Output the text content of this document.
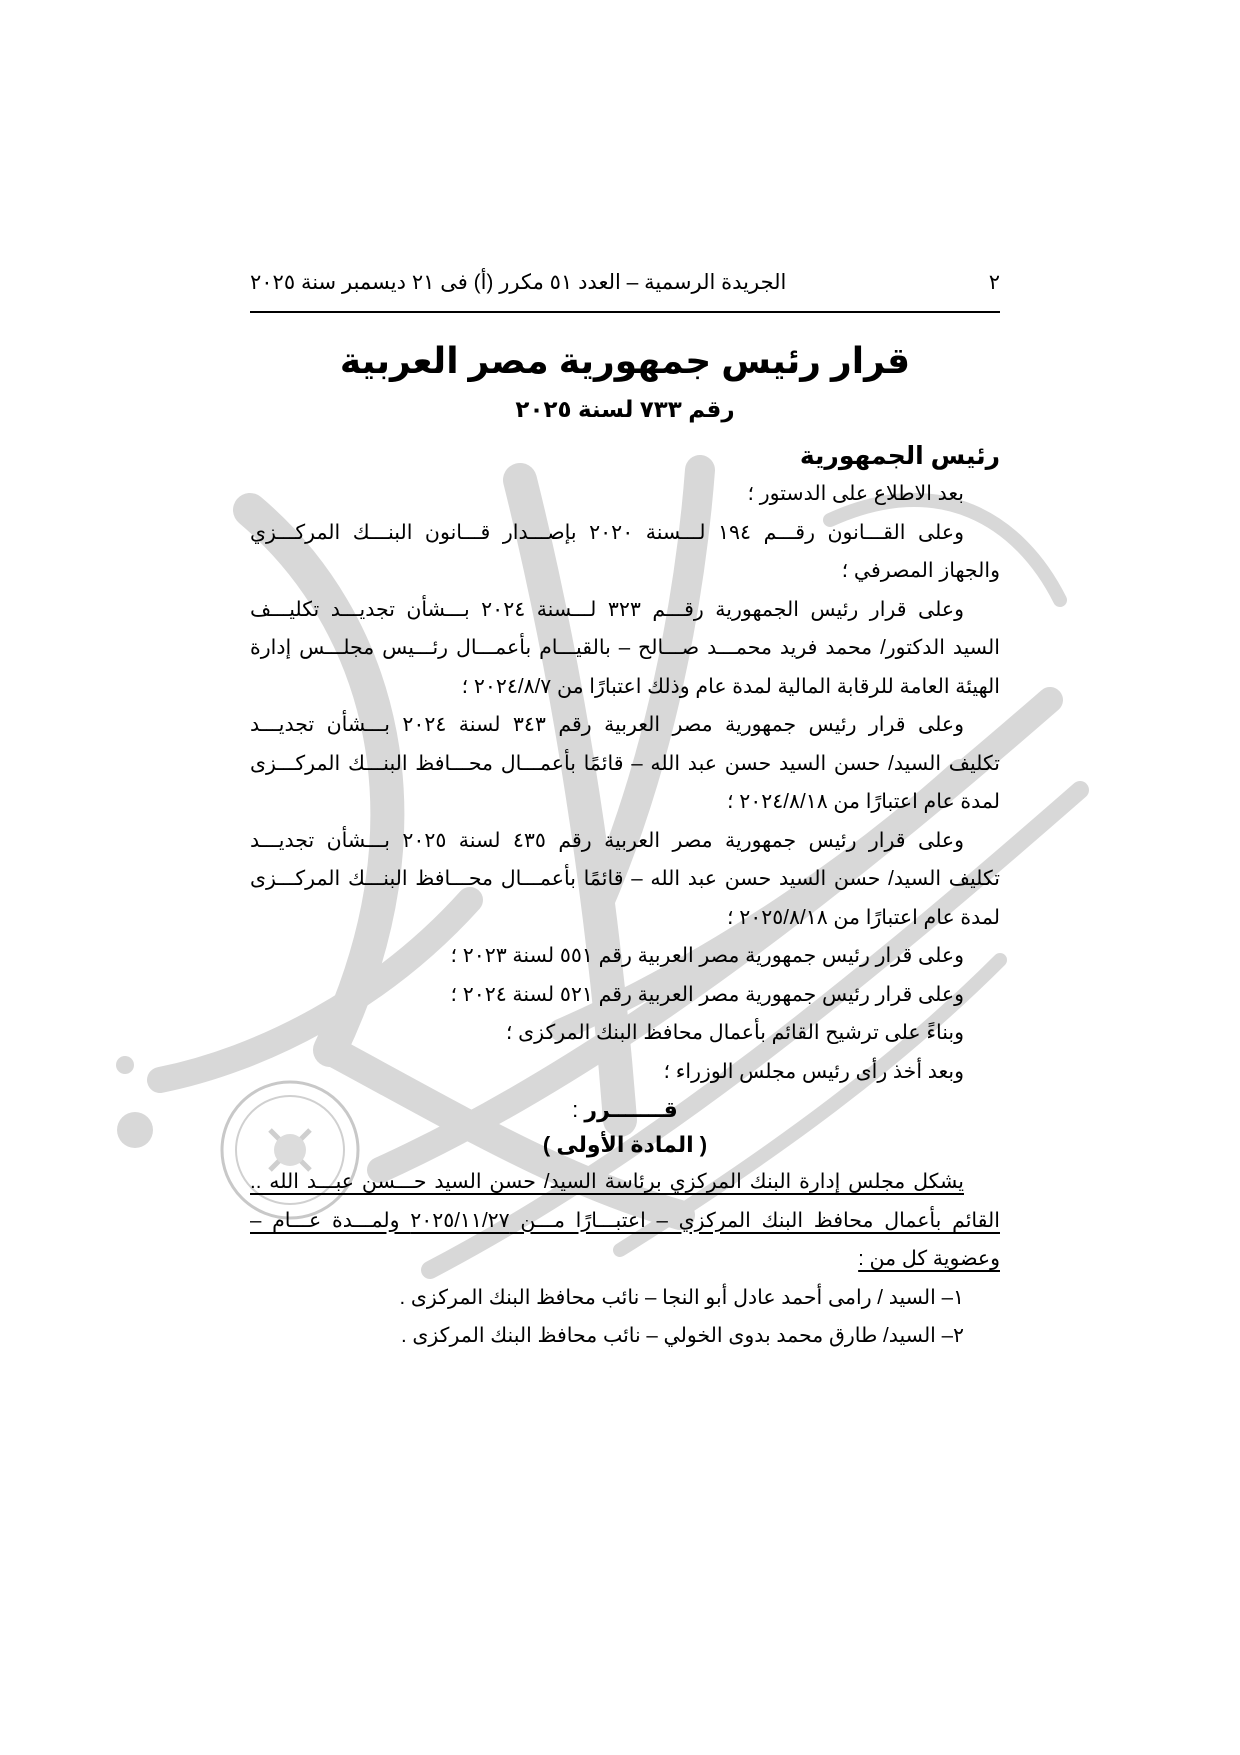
٢
الجريدة الرسمية – العدد ٥١ مكرر (أ) فى ٢١ ديسمبر سنة ٢٠٢٥
قرار رئيس جمهورية مصر العربية
رقم ٧٣٣ لسنة ٢٠٢٥
رئيس الجمهورية
بعد الاطلاع على الدستور ؛
وعلى القـــانون رقـــم ١٩٤ لـــسنة ٢٠٢٠ بإصـــدار قـــانون البنـــك المركـــزي
والجهاز المصرفي ؛
وعلى قرار رئيس الجمهورية رقـــم ٣٢٣ لـــسنة ٢٠٢٤ بـــشأن تجديـــد تكليـــف
السيد الدكتور/ محمد فريد محمـــد صـــالح – بالقيـــام بأعمـــال رئـــيس مجلـــس إدارة
الهيئة العامة للرقابة المالية لمدة عام وذلك اعتبارًا من ٢٠٢٤/٨/٧ ؛
وعلى قرار رئيس جمهورية مصر العربية رقم ٣٤٣ لسنة ٢٠٢٤ بـــشأن تجديـــد
تكليف السيد/ حسن السيد حسن عبد الله – قائمًا بأعمـــال محـــافظ البنـــك المركـــزى
لمدة عام اعتبارًا من ٢٠٢٤/٨/١٨ ؛
وعلى قرار رئيس جمهورية مصر العربية رقم ٤٣٥ لسنة ٢٠٢٥ بـــشأن تجديـــد
تكليف السيد/ حسن السيد حسن عبد الله – قائمًا بأعمـــال محـــافظ البنـــك المركـــزى
لمدة عام اعتبارًا من ٢٠٢٥/٨/١٨ ؛
وعلى قرار رئيس جمهورية مصر العربية رقم ٥٥١ لسنة ٢٠٢٣ ؛
وعلى قرار رئيس جمهورية مصر العربية رقم ٥٢١ لسنة ٢٠٢٤ ؛
وبناءً على ترشيح القائم بأعمال محافظ البنك المركزى ؛
وبعد أخذ رأى رئيس مجلس الوزراء ؛
قـــــــرر :
( المادة الأولى )
يشكل مجلس إدارة البنك المركزي برئاسة السيد/ حسن السيد حـــسن عبـــد الله ..
القائم بأعمال محافظ البنك المركزي – اعتبـــارًا مـــن ٢٠٢٥/١١/٢٧ ولمـــدة عـــام –
وعضوية كل من :
١– السيد / رامى أحمد عادل أبو النجا – نائب محافظ البنك المركزى .
٢– السيد/ طارق محمد بدوى الخولي – نائب محافظ البنك المركزى .
